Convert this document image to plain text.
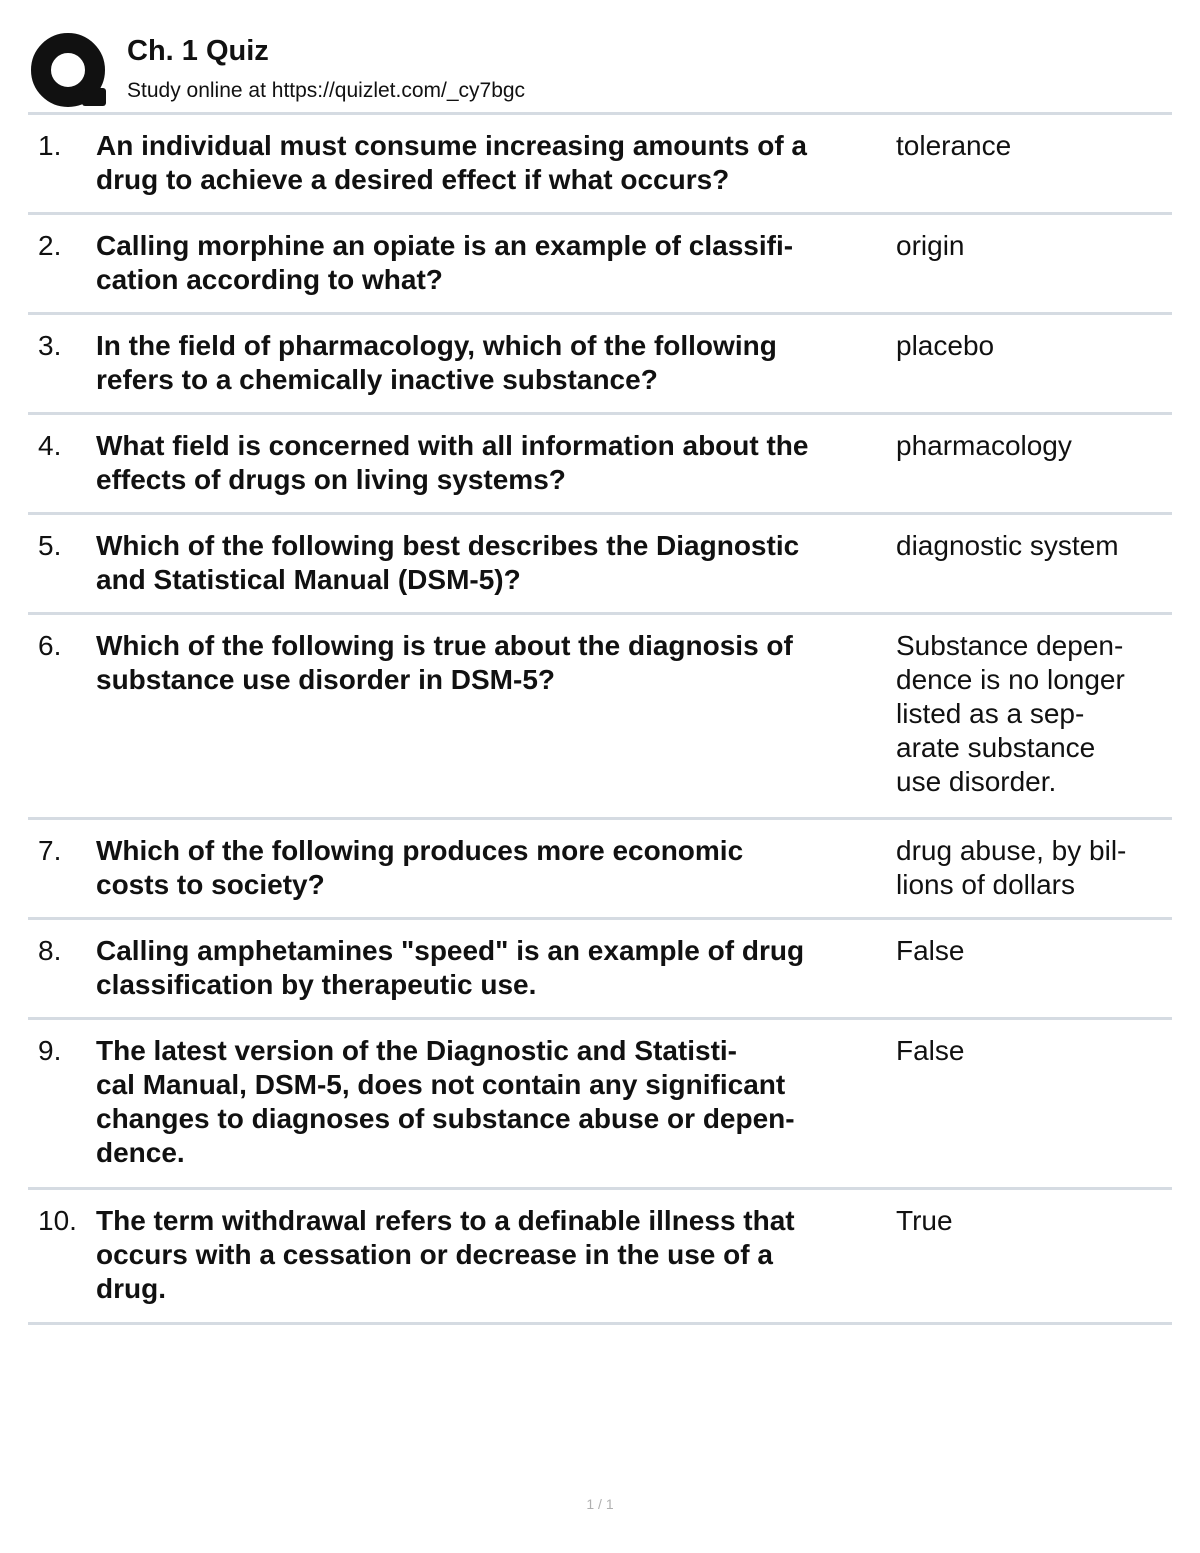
Ch. 1 Quiz
Study online at https://quizlet.com/_cy7bgc
1. An individual must consume increasing amounts of a
drug to achieve a desired effect if what occurs?
tolerance
2. Calling morphine an opiate is an example of classifi-
cation according to what?
origin
3. In the field of pharmacology, which of the following
refers to a chemically inactive substance?
placebo
4. What field is concerned with all information about the
effects of drugs on living systems?
pharmacology
5. Which of the following best describes the Diagnostic
and Statistical Manual (DSM-5)?
diagnostic system
6. Which of the following is true about the diagnosis of
substance use disorder in DSM-5?
Substance depen-
dence is no longer
listed as a sep-
arate substance
use disorder.
7. Which of the following produces more economic
costs to society?
drug abuse, by bil-
lions of dollars
8. Calling amphetamines "speed" is an example of drug
classification by therapeutic use.
False
9. The latest version of the Diagnostic and Statisti-
cal Manual, DSM-5, does not contain any significant
changes to diagnoses of substance abuse or depen-
dence.
False
10. The term withdrawal refers to a definable illness that
occurs with a cessation or decrease in the use of a
drug.
True
1 / 1
